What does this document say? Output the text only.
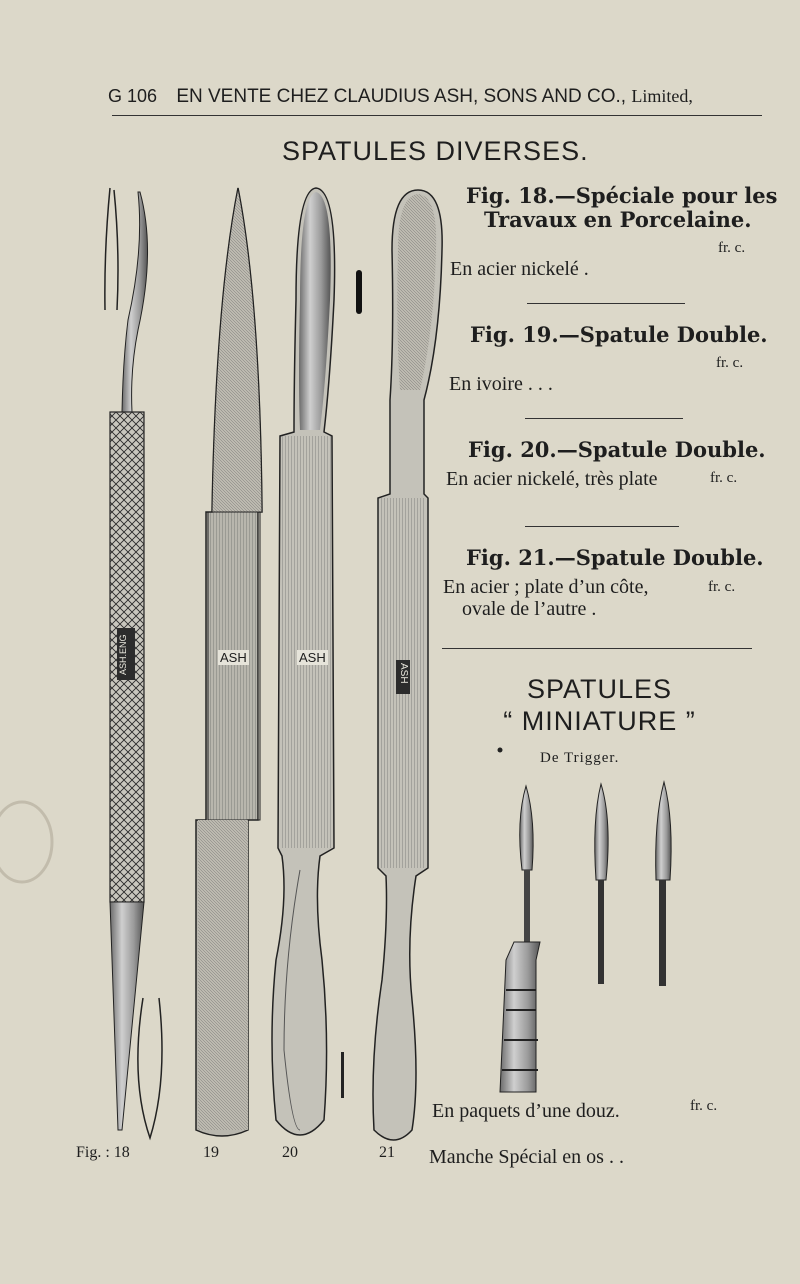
G 106 EN VENTE CHEZ CLAUDIUS ASH, SONS AND CO., Limited,
SPATULES DIVERSES.
Fig. 18.—Spéciale pour les
Travaux en Porcelaine.
fr. c.
En acier nickelé .
Fig. 19.—Spatule Double.
fr. c.
En ivoire . . .
Fig. 20.—Spatule Double.
En acier nickelé, très plate	fr. c.
Fig. 21.—Spatule Double.
En acier ; plate d’un côte,	fr. c.
ovale de l’autre .
SPATULES
“ MINIATURE ”
De Trigger.
En paquets d’une douz.	fr. c.
Manche Spécial en os . .
ASH.ENG	ASH	ASH
ASH
Fig. : 18	19	20	21
